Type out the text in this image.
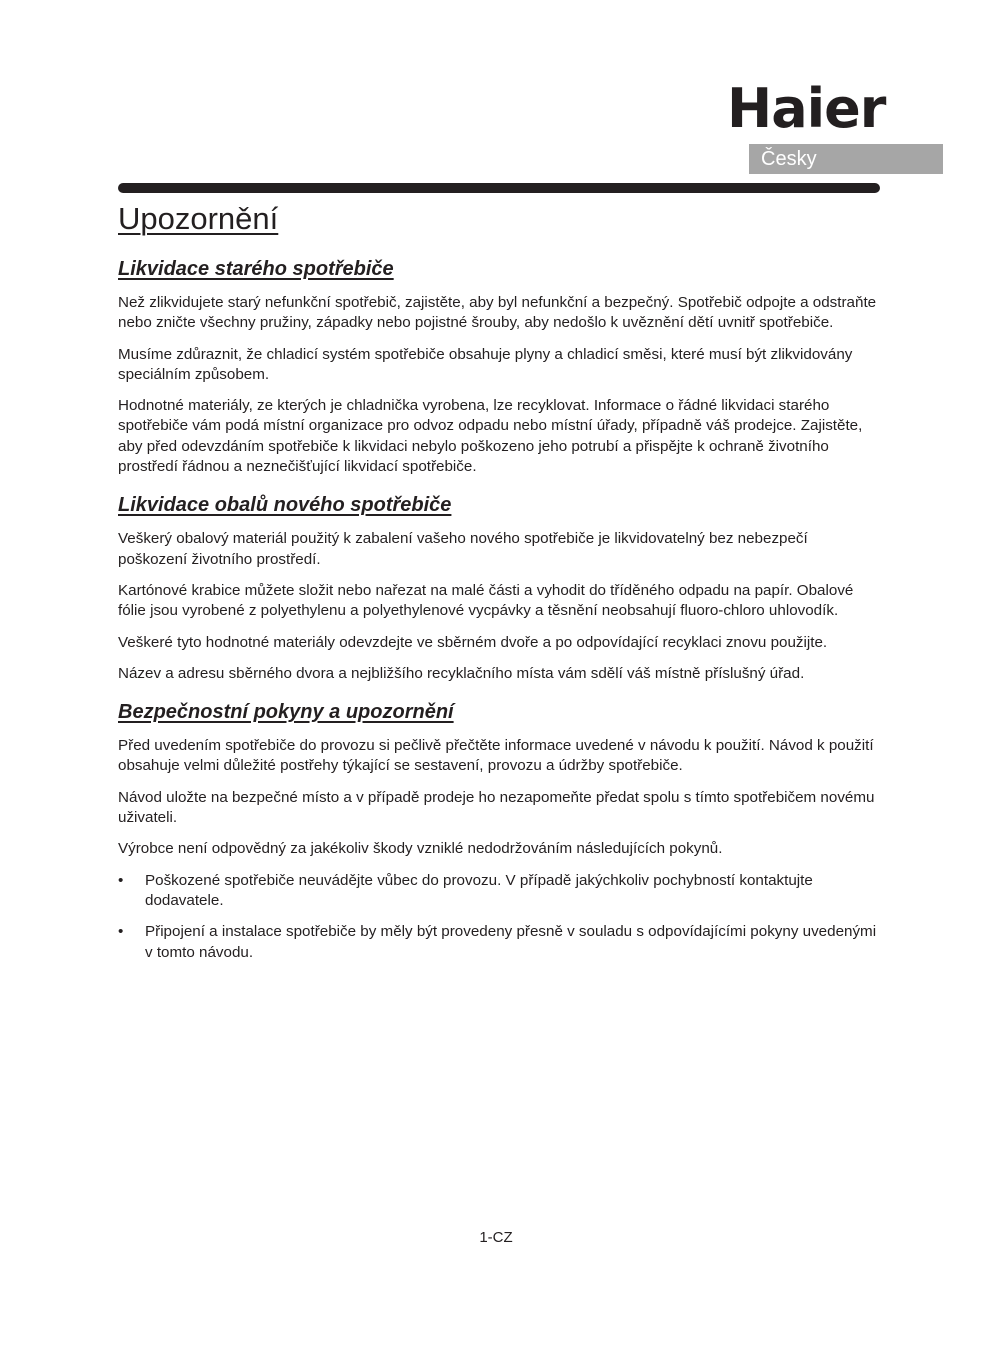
Haier
Česky
Upozornění
Likvidace starého spotřebiče

Než zlikvidujete starý nefunkční spotřebič, zajistěte, aby byl nefunkční a bezpečný. Spotřebič odpojte a odstraňte nebo zničte všechny pružiny, západky nebo pojistné šrouby, aby nedošlo k uvěznění dětí uvnitř spotřebiče.

Musíme zdůraznit, že chladicí systém spotřebiče obsahuje plyny a chladicí směsi, které musí být zlikvidovány speciálním způsobem.

Hodnotné materiály, ze kterých je chladnička vyrobena, lze recyklovat. Informace o řádné likvidaci starého spotřebiče vám podá místní organizace pro odvoz odpadu nebo místní úřady, případně váš prodejce. Zajistěte, aby před odevzdáním spotřebiče k likvidaci nebylo poškozeno jeho potrubí a přispějte k ochraně životního prostředí řádnou a neznečišťující likvidací spotřebiče.

Likvidace obalů nového spotřebiče

Veškerý obalový materiál použitý k zabalení vašeho nového spotřebiče je likvidovatelný bez nebezpečí poškození životního prostředí.

Kartónové krabice můžete složit nebo nařezat na malé části a vyhodit do tříděného odpadu na papír. Obalové fólie jsou vyrobené z polyethylenu a polyethylenové vycpávky a těsnění neobsahují fluoro-chloro uhlovodík.

Veškeré tyto hodnotné materiály odevzdejte ve sběrném dvoře a po odpovídající recyklaci znovu použijte.

Název a adresu sběrného dvora a nejbližšího recyklačního místa vám sdělí váš místně příslušný úřad.

Bezpečnostní pokyny a upozornění

Před uvedením spotřebiče do provozu si pečlivě přečtěte informace uvedené v návodu k použití. Návod k použití obsahuje velmi důležité postřehy týkající se sestavení, provozu a údržby spotřebiče.

Návod uložte na bezpečné místo a v případě prodeje ho nezapomeňte předat spolu s tímto spotřebičem novému uživateli.

Výrobce není odpovědný za jakékoliv škody vzniklé nedodržováním následujících pokynů.

• Poškozené spotřebiče neuvádějte vůbec do provozu. V případě jakýchkoliv pochybností kontaktujte dodavatele.
• Připojení a instalace spotřebiče by měly být provedeny přesně v souladu s odpovídajícími pokyny uvedenými v tomto návodu.
1-CZ
